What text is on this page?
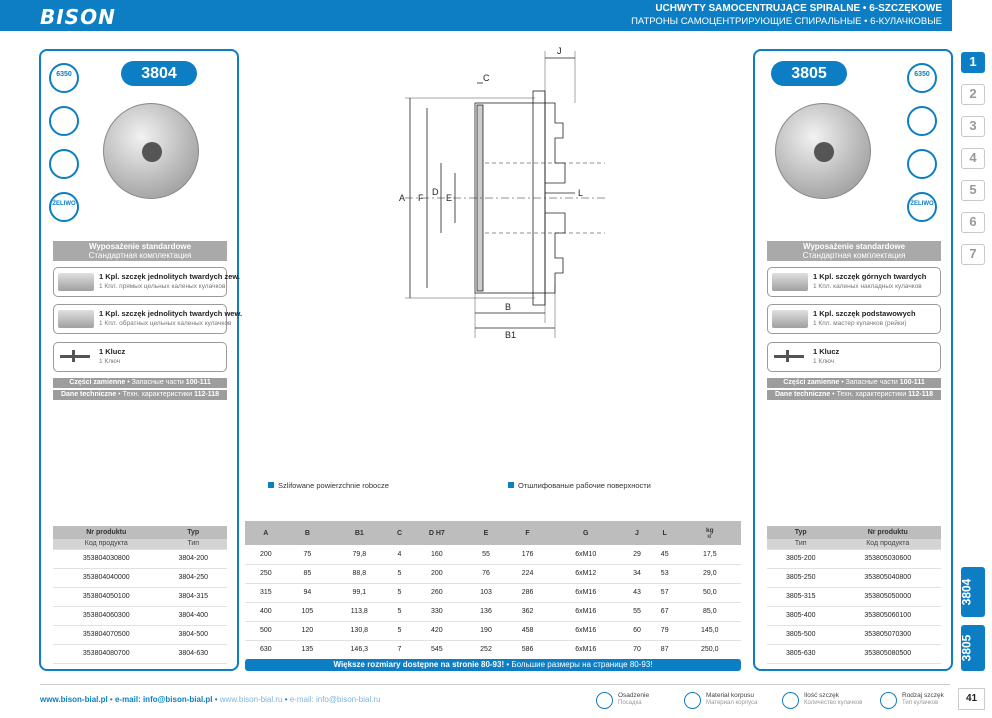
BISON	UCHWYTY SAMOCENTRUJĄCE SPIRALNE • 6-SZCZĘKOWE
ПАТРОНЫ САМОЦЕНТРИРУЮЩИЕ СПИРАЛЬНЫЕ • 6-КУЛАЧКОВЫЕ
1
2
3
4
5
6
7
3804
3805
3804
6350
ŻELIWO
Wyposażenie standardowe
Стандартная комплектация
1 Kpl. szczęk jednolitych twardych zew.
1 Кпл. прямых цельных каленых кулачков
1 Kpl. szczęk jednolitych twardych wew.
1 Кпл. обратных цельных каленых кулачков
1 Klucz
1 Ключ
Części zamienne • Запасные части 100-111
Dane techniczne • Техн. характеристики 112-118
Nr produktu	Typ
Код продукта	Тип
353804030800	3804-200
353804040000	3804-250
353804050100	3804-315
353804060300	3804-400
353804070500	3804-500
353804080700	3804-630
3805	6350
ŻELIWO
Wyposażenie standardowe
Стандартная комплектация
1 Kpl. szczęk górnych twardych
1 Кпл. каленых накладных кулачков
1 Kpl. szczęk podstawowych
1 Кпл. мастер кулачков (рейки)
1 Klucz
1 Ключ
Części zamienne • Запасные части 100-111
Dane techniczne • Техн. характеристики 112-118
Typ	Nr produktu
Тип	Код продукта
3805-200	353805030600
3805-250	353805040800
3805-315	353805050000
3805-400	353805060100
3805-500	353805070300
3805-630	353805080500
J
C
A F
D
E	L
B
B1
Szlifowane powierzchnie robocze	Отшлифованые рабочие поверхности
A	B	B1	C	D H7	E	F	G	J	L	kg
кг

200	75	79,8	4	160	55	176	6xM10	29	45	17,5
250	85	88,8	5	200	76	224	6xM12	34	53	29,0
315	94	99,1	5	260	103	286	6xM16	43	57	50,0
400	105	113,8	5	330	136	362	6xM16	55	67	85,0
500	120	130,8	5	420	190	458	6xM16	60	79	145,0
630	135	146,3	7	545	252	586	6xM16	70	87	250,0
Większe rozmiary dostępne na stronie 80-93! • Большие размеры на странице 80-93!
www.bison-bial.pl • e-mail: info@bison-bial.pl • www.bison-bial.ru • e-mail: info@bison-bial.ru	Osadzenie
Посадка
Materiał korpusu
Материал корпуса
Ilość szczęk
Количество кулачков
Rodzaj szczęk
Тип кулачков	41
